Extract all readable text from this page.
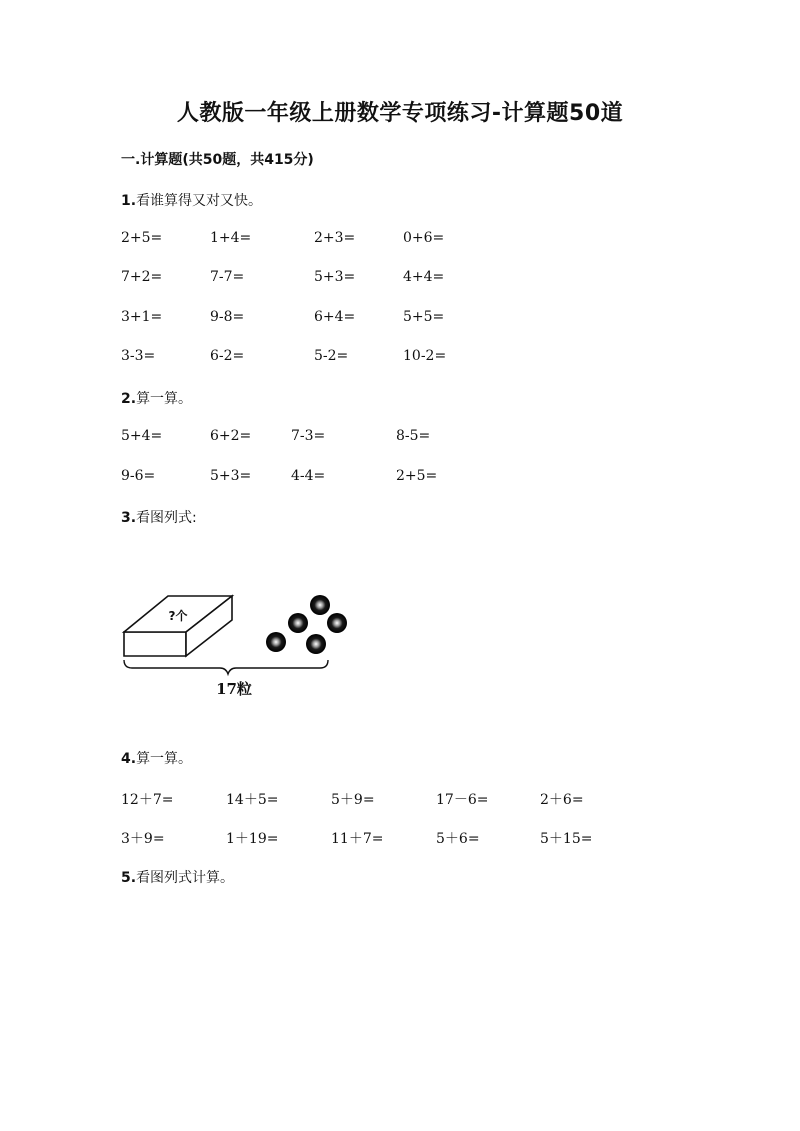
人教版一年级上册数学专项练习-计算题50道
一.计算题(共50题，共415分)
1.看谁算得又对又快。
2+5=	1+4=	2+3=	0+6=
7+2=	7-7=	5+3=	4+4=
3+1=	9-8=	6+4=	5+5=
3-3=	6-2=	5-2=	10-2=
2.算一算。
5+4=	6+2=	7-3=	8-5=
9-6=	5+3=	4-4=	2+5=
3.看图列式:
?个
17粒
4.算一算。
12＋7=	14＋5=	5＋9=	17－6=	2＋6=
3＋9=	1＋19=	11＋7=	5＋6=	5＋15=
5.看图列式计算。
